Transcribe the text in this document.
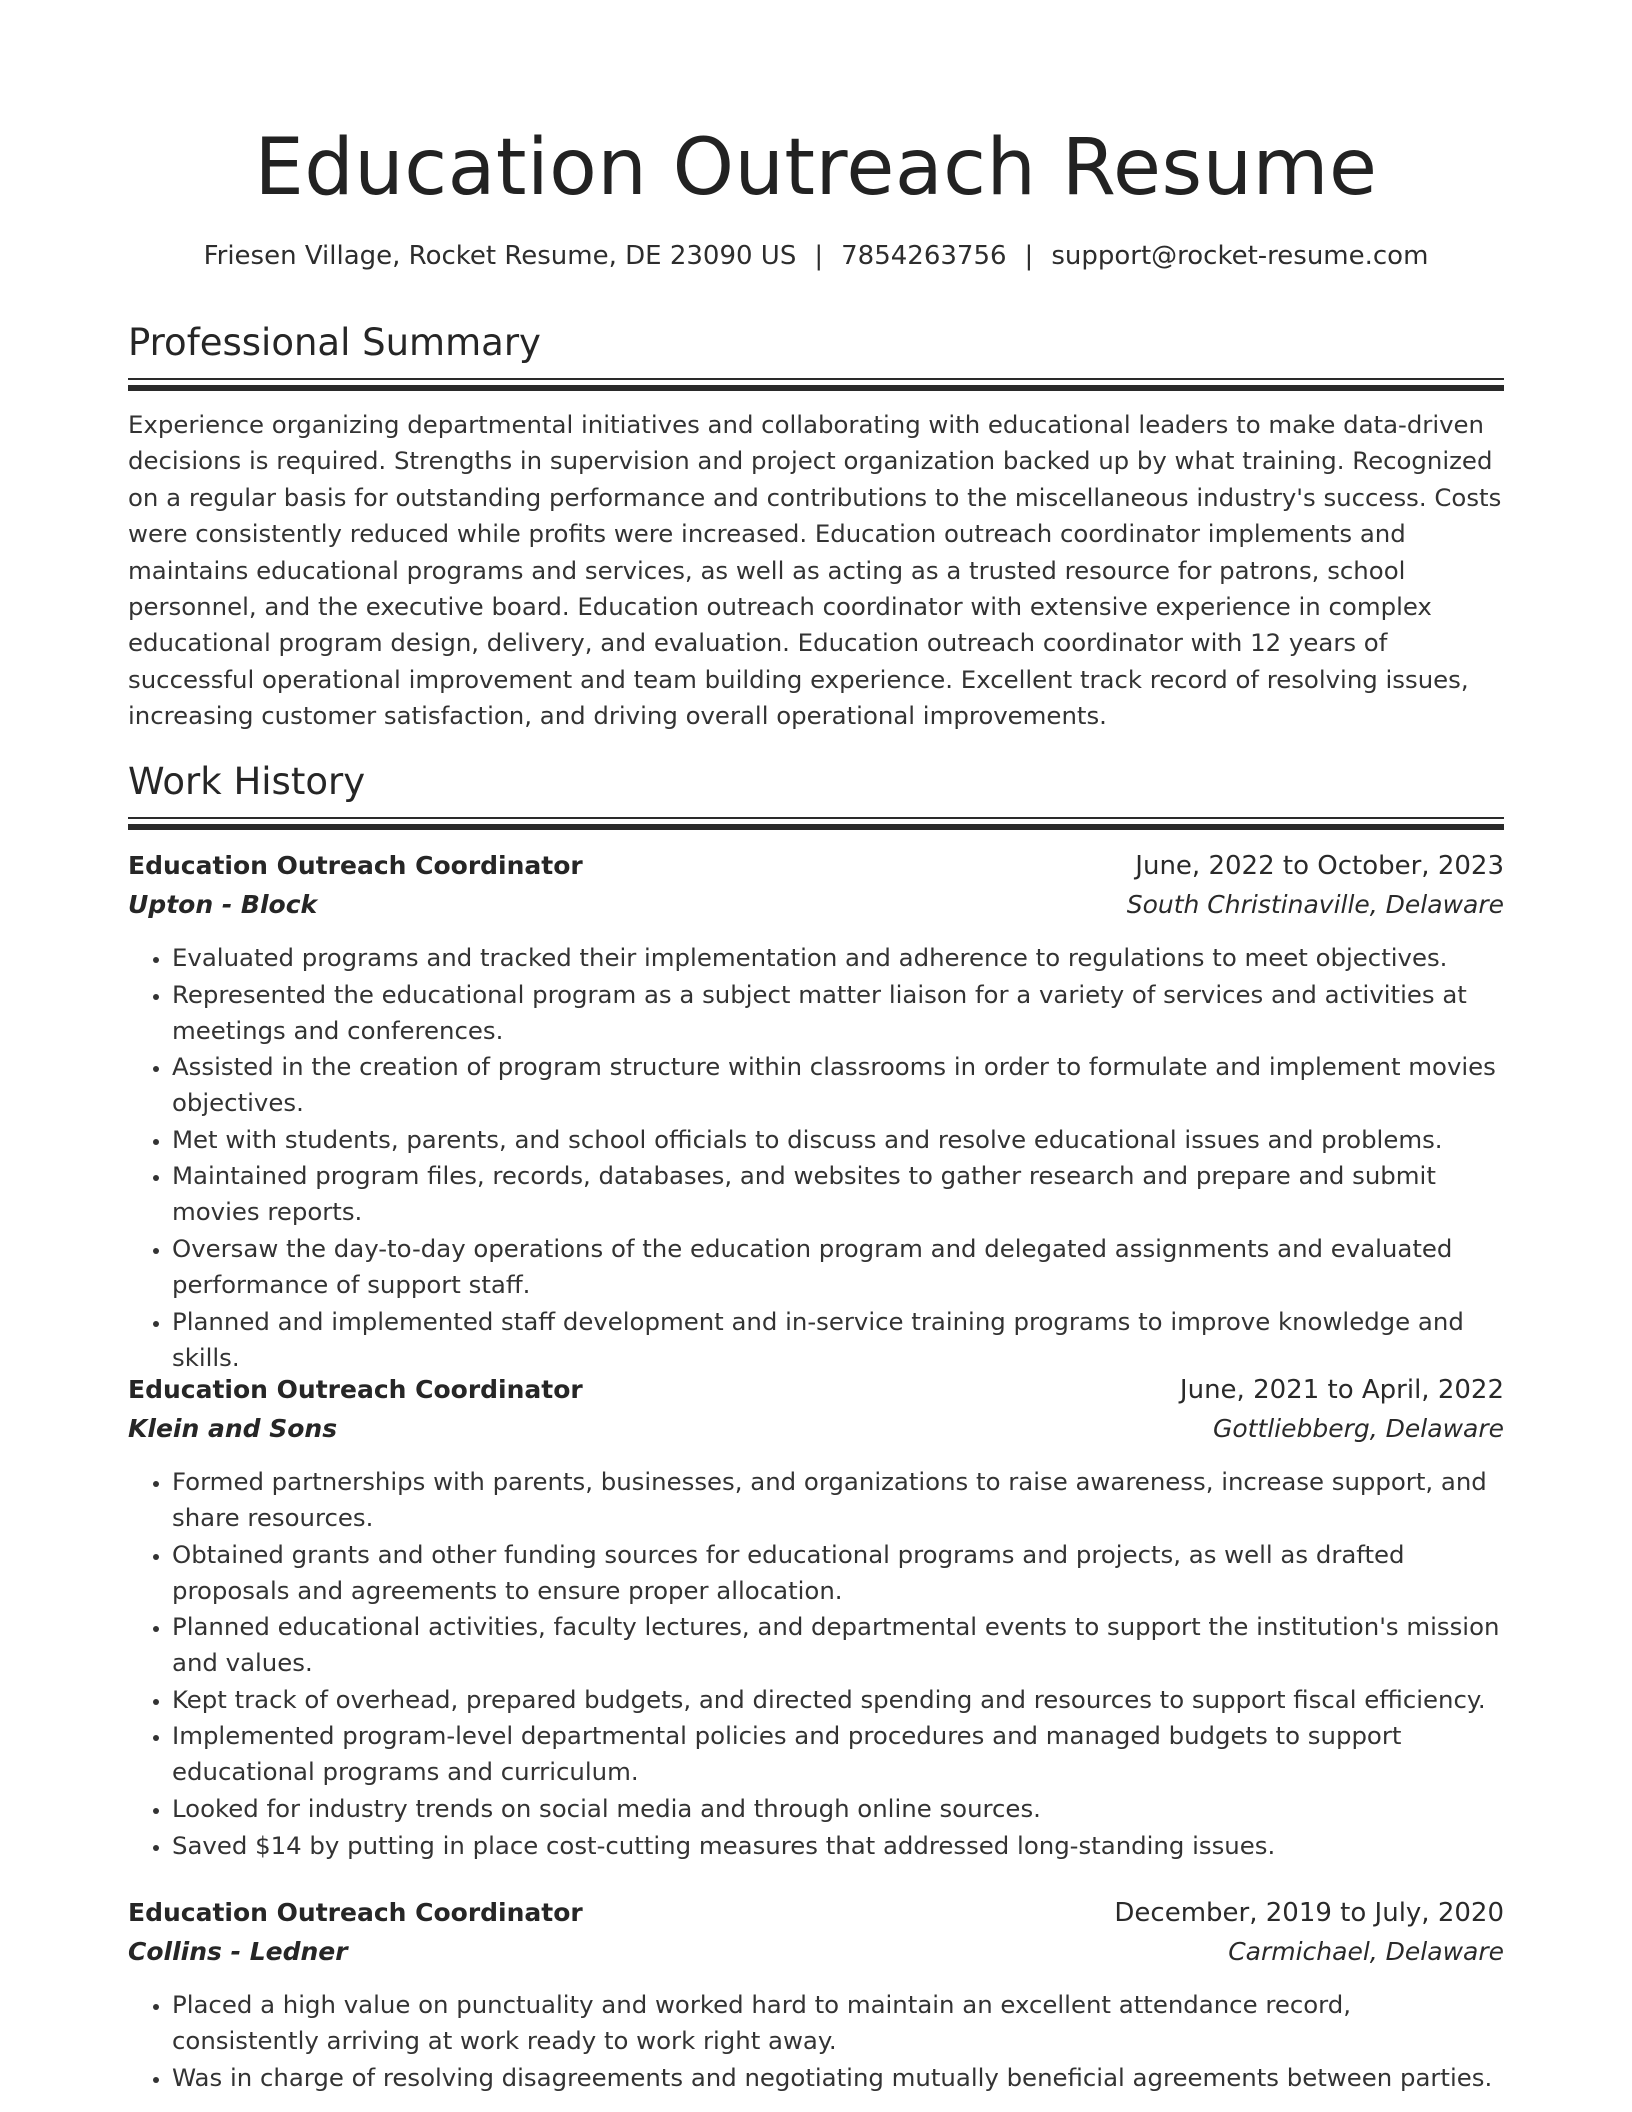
Education Outreach Resume
Friesen Village, Rocket Resume, DE 23090 US | 7854263756 | support@rocket-resume.com
Professional Summary

Experience organizing departmental initiatives and collaborating with educational leaders to make data-driven decisions is required. Strengths in supervision and project organization backed up by what training. Recognized on a regular basis for outstanding performance and contributions to the miscellaneous industry's success. Costs were consistently reduced while profits were increased. Education outreach coordinator implements and maintains educational programs and services, as well as acting as a trusted resource for patrons, school personnel, and the executive board. Education outreach coordinator with extensive experience in complex educational program design, delivery, and evaluation. Education outreach coordinator with 12 years of successful operational improvement and team building experience. Excellent track record of resolving issues, increasing customer satisfaction, and driving overall operational improvements.

Work History
Education Outreach Coordinator	June, 2022 to October, 2023
Upton - Block	South Christinaville, Delaware
• Evaluated programs and tracked their implementation and adherence to regulations to meet objectives.
• Represented the educational program as a subject matter liaison for a variety of services and activities at meetings and conferences.
• Assisted in the creation of program structure within classrooms in order to formulate and implement movies objectives.
• Met with students, parents, and school officials to discuss and resolve educational issues and problems.
• Maintained program files, records, databases, and websites to gather research and prepare and submit movies reports.
• Oversaw the day-to-day operations of the education program and delegated assignments and evaluated performance of support staff.
• Planned and implemented staff development and in-service training programs to improve knowledge and skills.
Education Outreach Coordinator	June, 2021 to April, 2022
Klein and Sons	Gottliebberg, Delaware
• Formed partnerships with parents, businesses, and organizations to raise awareness, increase support, and share resources.
• Obtained grants and other funding sources for educational programs and projects, as well as drafted proposals and agreements to ensure proper allocation.
• Planned educational activities, faculty lectures, and departmental events to support the institution's mission and values.
• Kept track of overhead, prepared budgets, and directed spending and resources to support fiscal efficiency.
• Implemented program-level departmental policies and procedures and managed budgets to support educational programs and curriculum.
• Looked for industry trends on social media and through online sources.
• Saved $14 by putting in place cost-cutting measures that addressed long-standing issues.
Education Outreach Coordinator	December, 2019 to July, 2020
Collins - Ledner	Carmichael, Delaware
• Placed a high value on punctuality and worked hard to maintain an excellent attendance record, consistently arriving at work ready to work right away.
• Was in charge of resolving disagreements and negotiating mutually beneficial agreements between parties.
